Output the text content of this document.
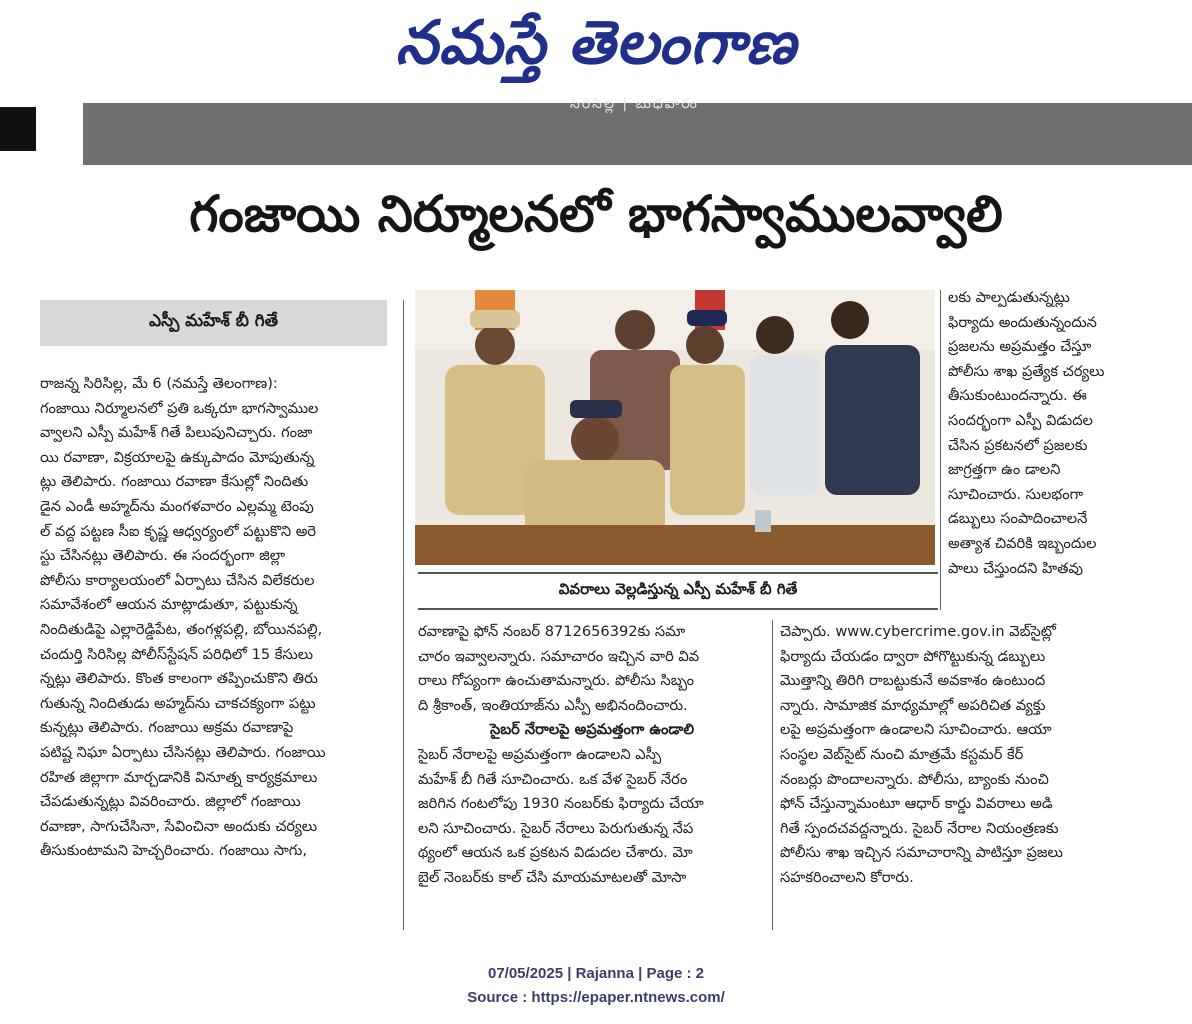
నమస్తే తెలంగాణ
సిరిసిల్ల | బుధవారం
గంజాయి నిర్మూలనలో భాగస్వాములవ్వాలి
ఎస్పీ మహేశ్ బీ గితే

రాజన్న సిరిసిల్ల, మే 6 (నమస్తే తెలంగాణ):

గంజాయి నిర్మూలనలో ప్రతి ఒక్కరూ భాగస్వాముల

వ్వాలని ఎస్పీ మహేశ్ గితే పిలుపునిచ్చారు. గంజా

యి రవాణా, విక్రయాలపై ఉక్కుపాదం మోపుతున్న

ట్లు తెలిపారు. గంజాయి రవాణా కేసుల్లో నిందితు

డైన ఎండీ అహ్మద్‌ను మంగళవారం ఎల్లమ్మ టెంపు

ల్ వద్ద పట్టణ సీఐ కృష్ణ ఆధ్వర్యంలో పట్టుకొని అరె

స్టు చేసినట్లు తెలిపారు. ఈ సందర్భంగా జిల్లా

పోలీసు కార్యాలయంలో ఏర్పాటు చేసిన విలేకరుల

సమావేశంలో ఆయన మాట్లాడుతూ, పట్టుకున్న

నిందితుడిపై ఎల్లారెడ్డిపేట, తంగళ్లపల్లి, బోయినపల్లి,

చందుర్తి సిరిసిల్ల పోలీస్‌స్టేషన్ పరిధిలో 15 కేసులు

న్నట్లు తెలిపారు. కొంత కాలంగా తప్పించుకొని తిరు

గుతున్న నిందితుడు అహ్మద్‌ను చాకచక్యంగా పట్టు

కున్నట్లు తెలిపారు. గంజాయి అక్రమ రవాణాపై

పటిష్ట నిఘా ఏర్పాటు చేసినట్లు తెలిపారు. గంజాయి

రహిత జిల్లాగా మార్చడానికి వినూత్న కార్యక్రమాలు

చేపడుతున్నట్లు వివరించారు. జిల్లాలో గంజాయి

రవాణా, సాగుచేసినా, సేవించినా అందుకు చర్యలు

తీసుకుంటామని హెచ్చరించారు. గంజాయి సాగు,

వివరాలు వెల్లడిస్తున్న ఎస్పీ మహేశ్ బీ గితే

రవాణాపై ఫోన్ నంబర్ 8712656392కు సమా

చారం ఇవ్వాలన్నారు. సమాచారం ఇచ్చిన వారి వివ

రాలు గోప్యంగా ఉంచుతామన్నారు. పోలీసు సిబ్బం

ది శ్రీకాంత్, ఇంతియాజ్‌ను ఎస్పీ అభినందించారు.

సైబర్ నేరాలపై అప్రమత్తంగా ఉండాలి

సైబర్ నేరాలపై అప్రమత్తంగా ఉండాలని ఎస్పీ

మహేశ్ బీ గితే సూచించారు. ఒక వేళ సైబర్ నేరం

జరిగిన గంటలోపు 1930 నంబర్‌కు ఫిర్యాదు చేయా

లని సూచించారు. సైబర్ నేరాలు పెరుగుతున్న నేప

థ్యంలో ఆయన ఒక ప్రకటన విడుదల చేశారు. మో

బైల్ నెంబర్‌కు కాల్ చేసి మాయమాటలతో మోసా

లకు పాల్పడుతున్నట్లు

ఫిర్యాదు అందుతున్నందున

ప్రజలను అప్రమత్తం చేస్తూ

పోలీసు శాఖ ప్రత్యేక చర్యలు

తీసుకుంటుందన్నారు. ఈ

సందర్భంగా ఎస్పీ విడుదల

చేసిన ప్రకటనలో ప్రజలకు

జాగ్రత్తగా ఉం డాలని

సూచించారు. సులభంగా

డబ్బులు సంపాదించాలనే

అత్యాశ చివరికి ఇబ్బందుల

పాలు చేస్తుందని హితవు

చెప్పారు. www.cybercrime.gov.in వెబ్‌సైట్లో

ఫిర్యాదు చేయడం ద్వారా పోగొట్టుకున్న డబ్బులు

మొత్తాన్ని తిరిగి రాబట్టుకునే అవకాశం ఉంటుంద

న్నారు. సామాజిక మాధ్యమాల్లో అపరిచిత వ్యక్తు

లపై అప్రమత్తంగా ఉండాలని సూచించారు. ఆయా

సంస్థల వెబ్‌సైట్ నుంచి మాత్రమే కస్టమర్ కేర్

నంబర్లు పొందాలన్నారు. పోలీసు, బ్యాంకు నుంచి

ఫోన్ చేస్తున్నామంటూ ఆధార్ కార్డు వివరాలు అడి

గితే స్పందచవద్దన్నారు. సైబర్ నేరాల నియంత్రణకు

పోలీసు శాఖ ఇచ్చిన సమాచారాన్ని పాటిస్తూ ప్రజలు

సహకరించాలని కోరారు.

07/05/2025 | Rajanna | Page : 2
Source : https://epaper.ntnews.com/
